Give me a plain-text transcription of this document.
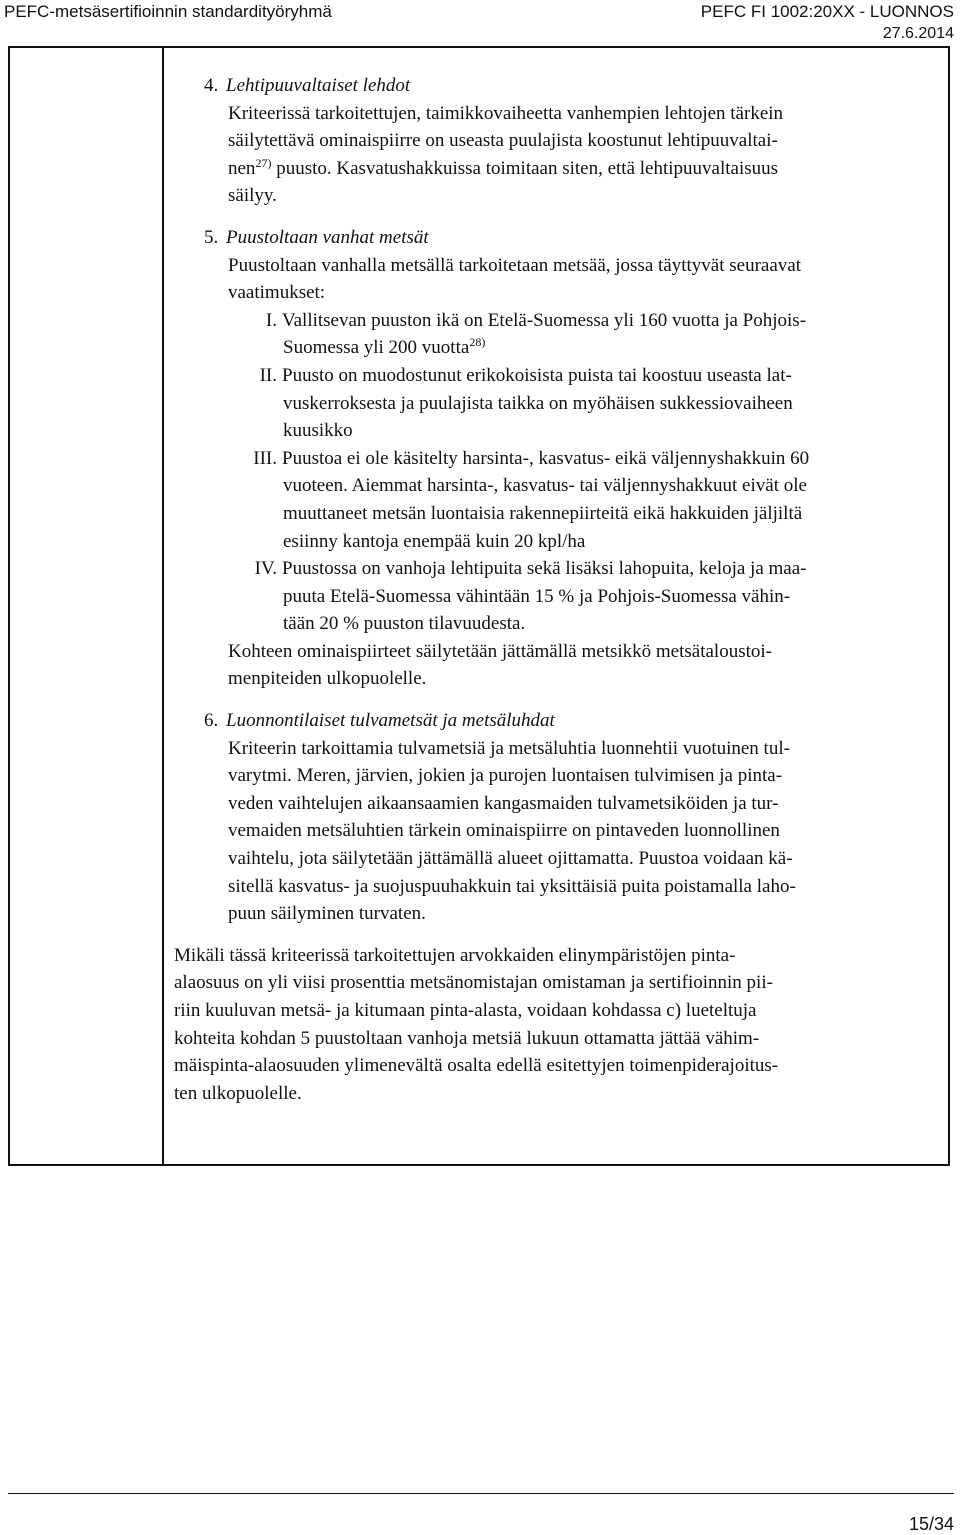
PEFC-metsäsertifioinnin standardityöryhmä	PEFC FI 1002:20XX - LUONNOS
27.6.2014
4. Lehtipuuvaltaiset lehdot
Kriteerissä tarkoitettujen, taimikkovaiheetta vanhempien lehtojen tärkein
säilytettävä ominaispiirre on useasta puulajista koostunut lehtipuuvaltai-
nen$^{27)}$ puusto. Kasvatushakkuissa toimitaan siten, että lehtipuuvaltaisuus
säilyy.
5. Puustoltaan vanhat metsät
Puustoltaan vanhalla metsällä tarkoitetaan metsää, jossa täyttyvät seuraavat
vaatimukset:
I. Vallitsevan puuston ikä on Etelä-Suomessa yli 160 vuotta ja Pohjois-
Suomessa yli 200 vuotta$^{28)}$
II. Puusto on muodostunut erikokoisista puista tai koostuu useasta lat-
vuskerroksesta ja puulajista taikka on myöhäisen sukkessiovaiheen
kuusikko
III. Puustoa ei ole käsitelty harsinta-, kasvatus- eikä väljennyshakkuin 60
vuoteen. Aiemmat harsinta-, kasvatus- tai väljennyshakkuut eivät ole
muuttaneet metsän luontaisia rakennepiirteitä eikä hakkuiden jäljiltä
esiinny kantoja enempää kuin 20 kpl/ha
IV. Puustossa on vanhoja lehtipuita sekä lisäksi lahopuita, keloja ja maa-
puuta Etelä-Suomessa vähintään 15 % ja Pohjois-Suomessa vähin-
tään 20 % puuston tilavuudesta.
Kohteen ominaispiirteet säilytetään jättämällä metsikkö metsätaloustoi-
menpiteiden ulkopuolelle.
6. Luonnontilaiset tulvametsät ja metsäluhdat
Kriteerin tarkoittamia tulvametsiä ja metsäluhtia luonnehtii vuotuinen tul-
varytmi. Meren, järvien, jokien ja purojen luontaisen tulvimisen ja pinta-
veden vaihtelujen aikaansaamien kangasmaiden tulvametsiköiden ja tur-
vemaiden metsäluhtien tärkein ominaispiirre on pintaveden luonnollinen
vaihtelu, jota säilytetään jättämällä alueet ojittamatta. Puustoa voidaan kä-
sitellä kasvatus- ja suojuspuuhakkuin tai yksittäisiä puita poistamalla laho-
puun säilyminen turvaten.
Mikäli tässä kriteerissä tarkoitettujen arvokkaiden elinympäristöjen pinta-
alaosuus on yli viisi prosenttia metsänomistajan omistaman ja sertifioinnin pii-
riin kuuluvan metsä- ja kitumaan pinta-alasta, voidaan kohdassa c) lueteltuja
kohteita kohdan 5 puustoltaan vanhoja metsiä lukuun ottamatta jättää vähim-
mäispinta-alaosuuden ylimenevältä osalta edellä esitettyjen toimenpiderajoitus-
ten ulkopuolelle.
15/34
